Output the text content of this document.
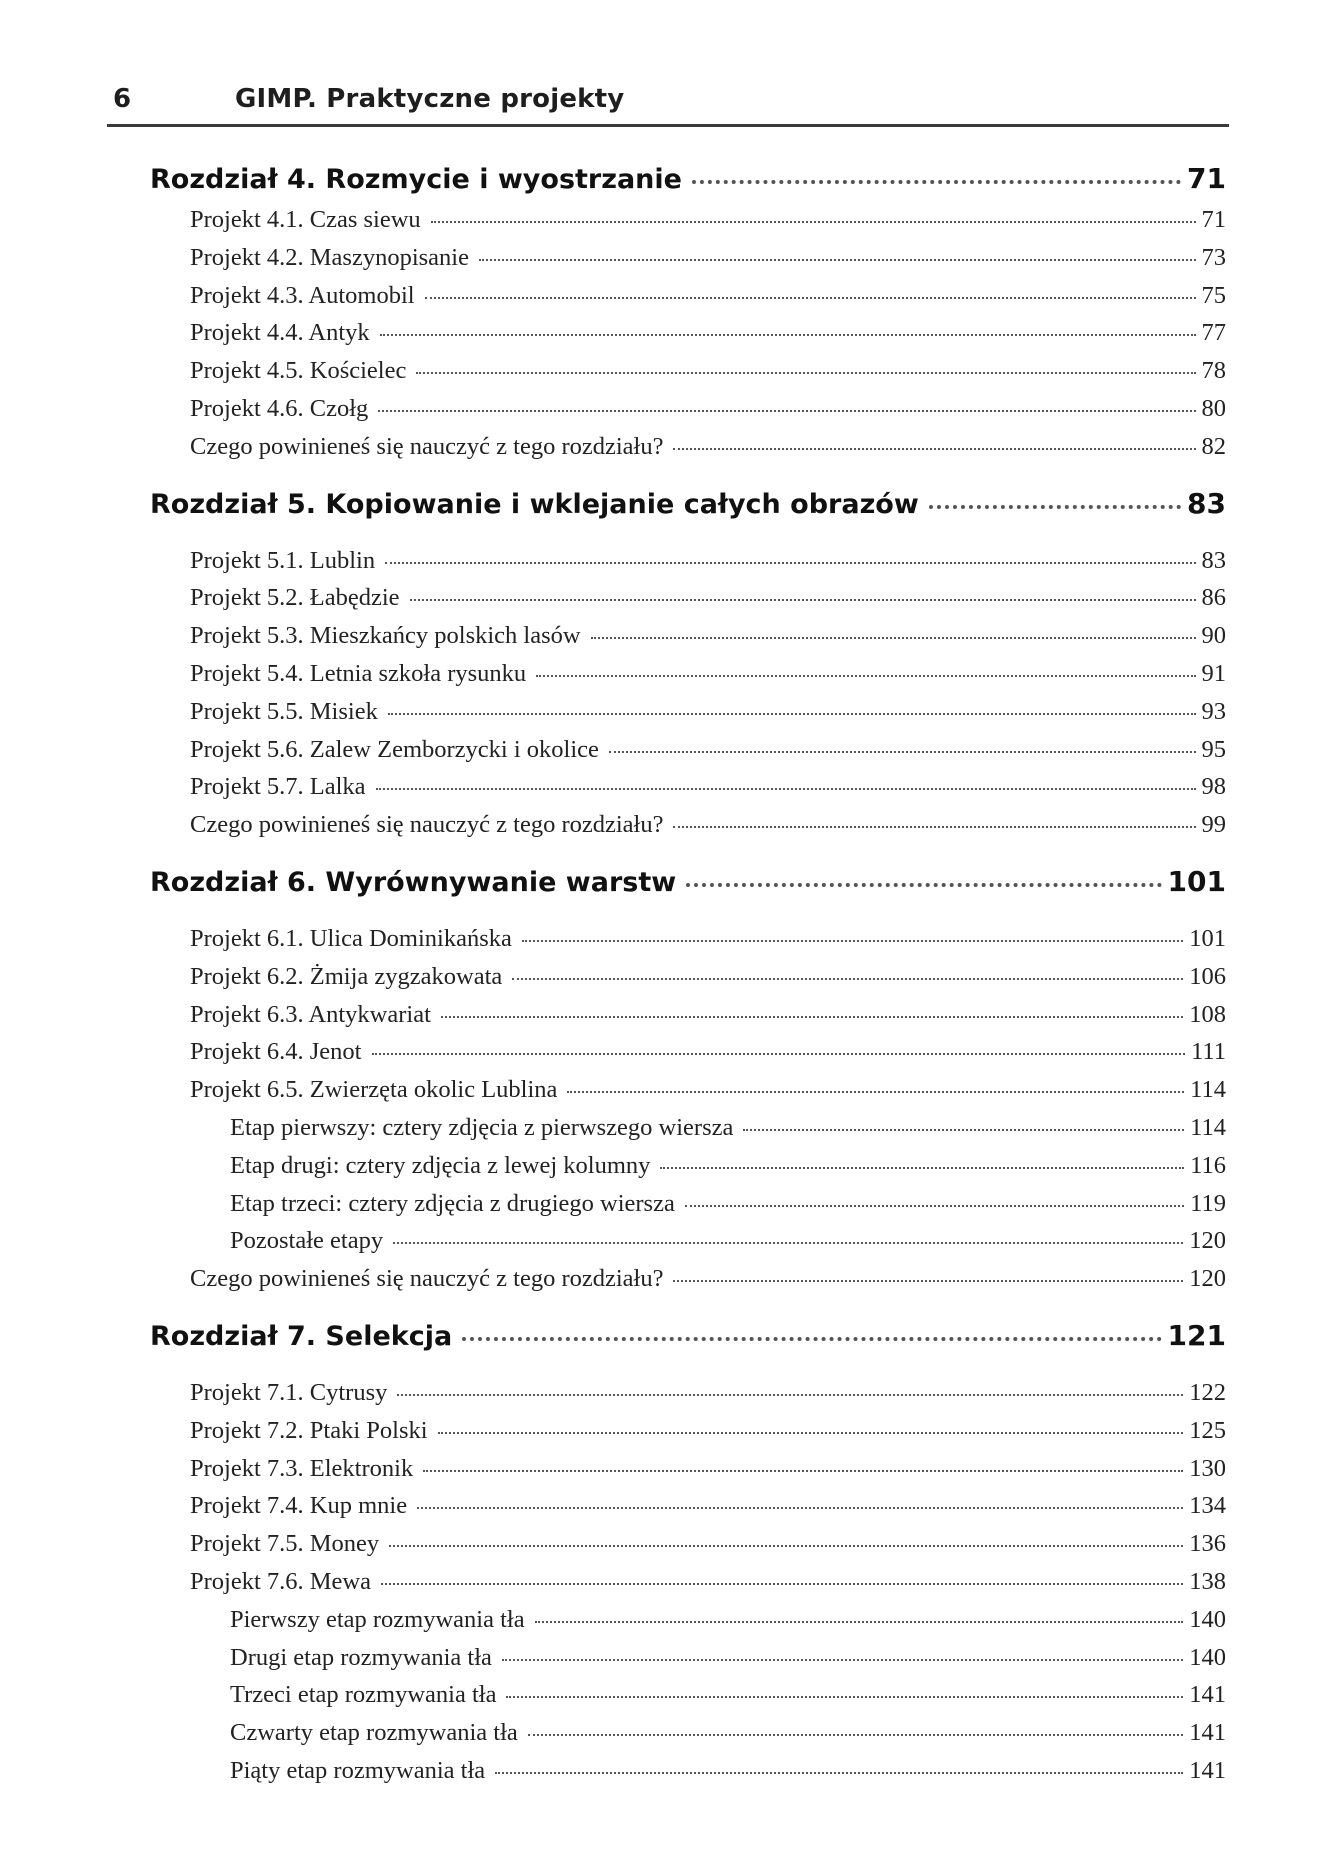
6	GIMP. Praktyczne projekty
Rozdział 4. Rozmycie i wyostrzanie	71
Projekt 4.1. Czas siewu	71
Projekt 4.2. Maszynopisanie	73
Projekt 4.3. Automobil	75
Projekt 4.4. Antyk	77
Projekt 4.5. Kościelec	78
Projekt 4.6. Czołg	80
Czego powinieneś się nauczyć z tego rozdziału?	82
Rozdział 5. Kopiowanie i wklejanie całych obrazów	83
Projekt 5.1. Lublin	83
Projekt 5.2. Łabędzie	86
Projekt 5.3. Mieszkańcy polskich lasów	90
Projekt 5.4. Letnia szkoła rysunku	91
Projekt 5.5. Misiek	93
Projekt 5.6. Zalew Zemborzycki i okolice	95
Projekt 5.7. Lalka	98
Czego powinieneś się nauczyć z tego rozdziału?	99
Rozdział 6. Wyrównywanie warstw	101
Projekt 6.1. Ulica Dominikańska	101
Projekt 6.2. Żmija zygzakowata	106
Projekt 6.3. Antykwariat	108
Projekt 6.4. Jenot	111
Projekt 6.5. Zwierzęta okolic Lublina	114
Etap pierwszy: cztery zdjęcia z pierwszego wiersza	114
Etap drugi: cztery zdjęcia z lewej kolumny	116
Etap trzeci: cztery zdjęcia z drugiego wiersza	119
Pozostałe etapy	120
Czego powinieneś się nauczyć z tego rozdziału?	120
Rozdział 7. Selekcja	121
Projekt 7.1. Cytrusy	122
Projekt 7.2. Ptaki Polski	125
Projekt 7.3. Elektronik	130
Projekt 7.4. Kup mnie	134
Projekt 7.5. Money	136
Projekt 7.6. Mewa	138
Pierwszy etap rozmywania tła	140
Drugi etap rozmywania tła	140
Trzeci etap rozmywania tła	141
Czwarty etap rozmywania tła	141
Piąty etap rozmywania tła	141
